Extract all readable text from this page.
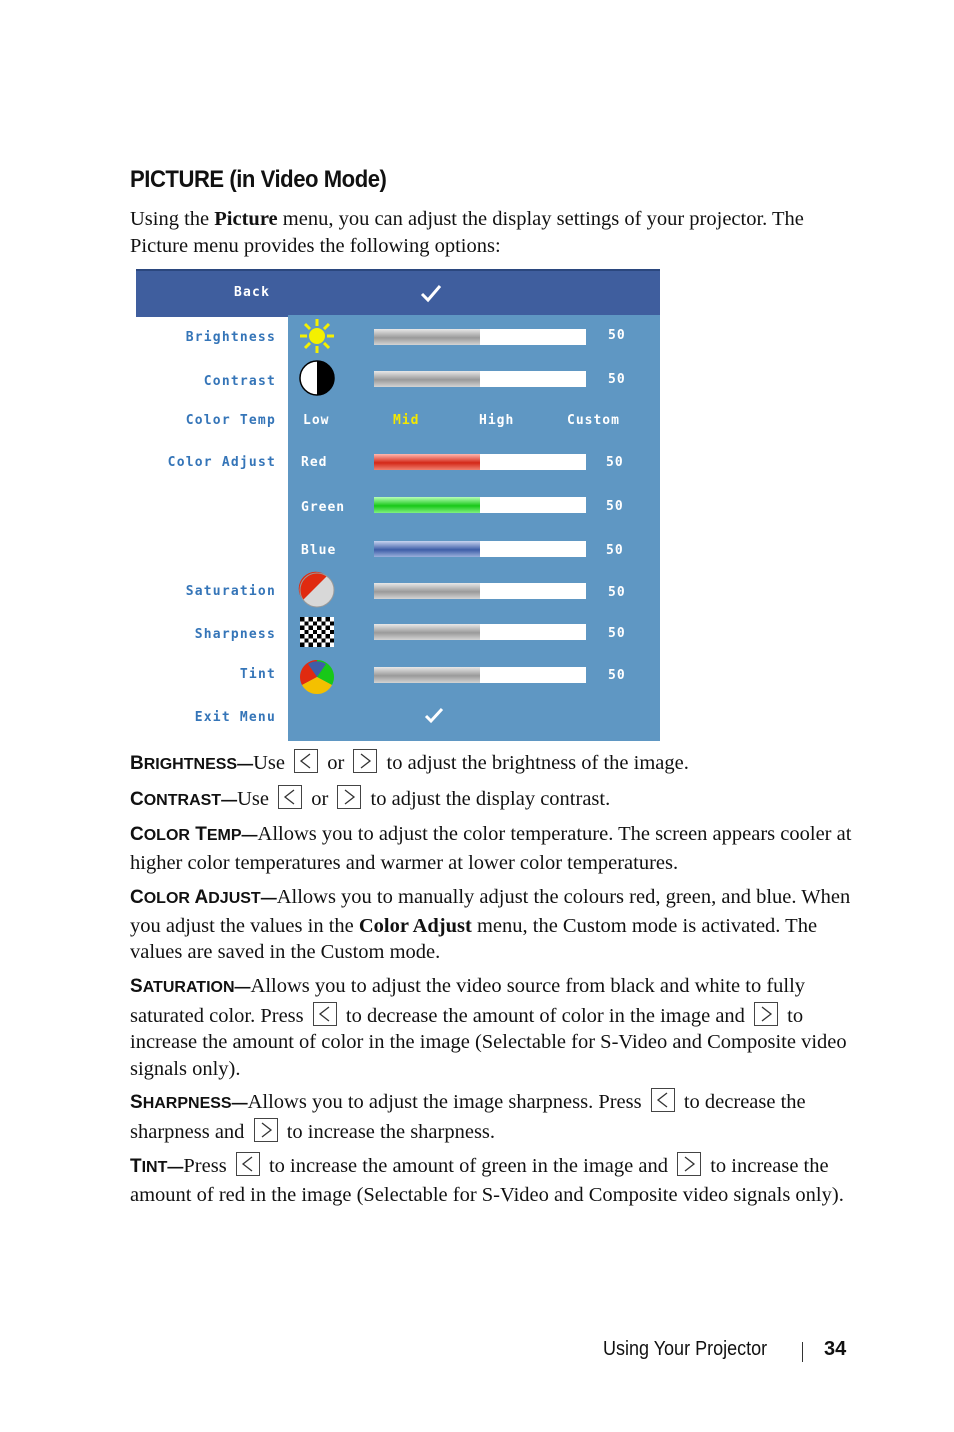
PICTURE (in Video Mode)
Using the Picture menu, you can adjust the display settings of your projector. The Picture menu provides the following options:
Back
Brightness	50
Contrast	50
Color Temp Low	Mid	High	Custom
Color Adjust Red	50
Green	50
Blue	50
Saturation	50
Sharpness	50
Tint	50
Exit Menu
BRIGHTNESS—Use
or
to adjust the brightness of the image.
CONTRAST—Use
or
to adjust the display contrast.
COLOR TEMP—Allows you to adjust the color temperature. The screen appears cooler at higher color temperatures and warmer at lower color temperatures.
COLOR ADJUST—Allows you to manually adjust the colours red, green, and blue. When you adjust the values in the Color Adjust menu, the Custom mode is activated. The values are saved in the Custom mode.
SATURATION—Allows you to adjust the video source from black and white to fully saturated color. Press
to decrease the amount of color in the image and
to increase the amount of color in the image (Selectable for S-Video and Composite video signals only).
SHARPNESS—Allows you to adjust the image sharpness. Press
to decrease the sharpness and
to increase the sharpness.
TINT—Press
to increase the amount of green in the image and
to increase the amount of red in the image (Selectable for S-Video and Composite video signals only).
Using Your Projector	34
